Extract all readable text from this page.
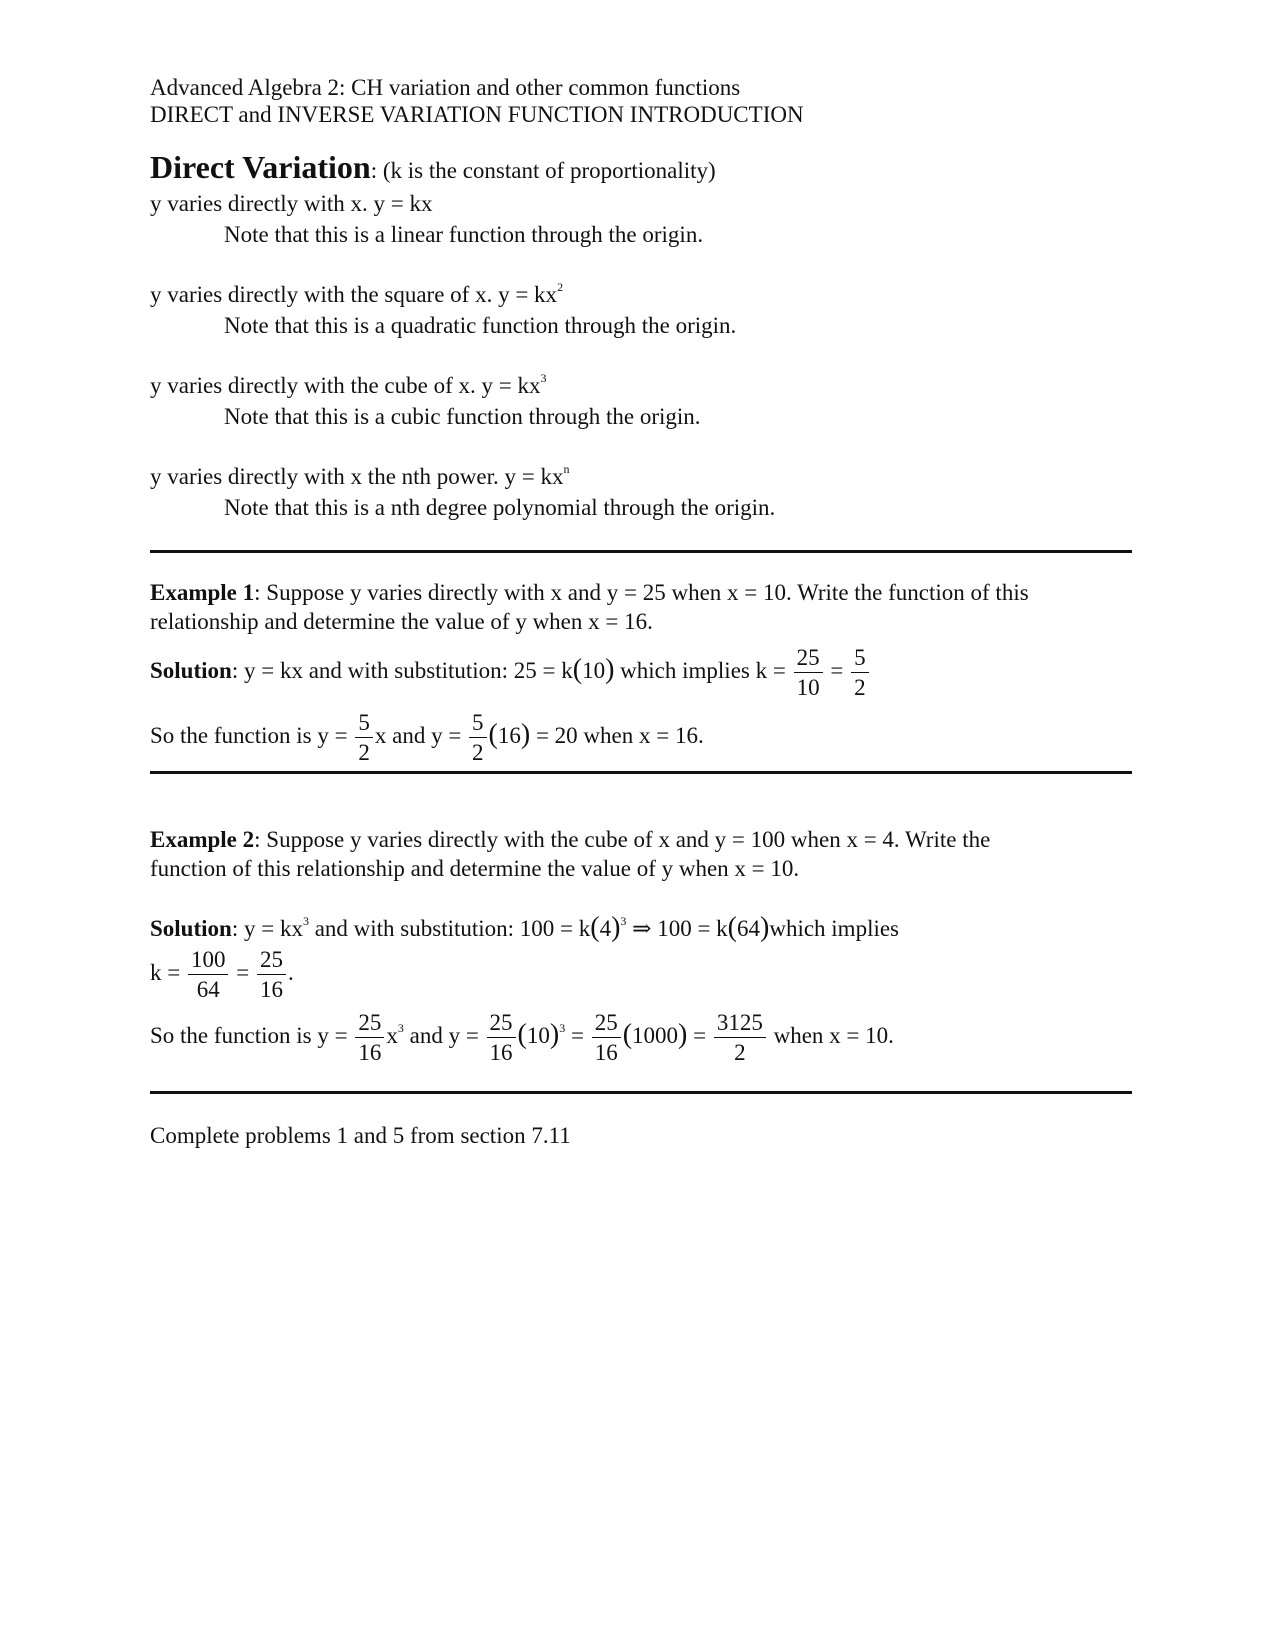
Advanced Algebra 2: CH variation and other common functions
DIRECT and INVERSE VARIATION FUNCTION INTRODUCTION
Direct Variation: (k is the constant of proportionality)
y varies directly with x. y = kx
Note that this is a linear function through the origin.
y varies directly with the square of x. $y = kx^2$
Note that this is a quadratic function through the origin.
y varies directly with the cube of x. $y = kx^3$
Note that this is a cubic function through the origin.
y varies directly with x the nth power. $y = kx^n$
Note that this is a nth degree polynomial through the origin.
Example 1: Suppose y varies directly with x and y = 25 when x = 10. Write the function of this
relationship and determine the value of y when x = 16.
Solution: y = kx and with substitution: 25 = k(10) which implies $k = \frac{25}{10} = \frac{5}{2}$
So the function is $y = \frac{5}{2}$ x and $y = \frac{5}{2} (16) = 20$ when x = 16.
Example 2: Suppose y varies directly with the cube of x and y = 100 when x = 4. Write the
function of this relationship and determine the value of y when x = 10.
Solution: $y = kx^3$ and with substitution: $100 = k(4)^3$ ⇒ 100 = k(64)which implies
$k = \frac{100}{64} = \frac{25}{16}$ .
So the function is $y = \frac{25}{16} x^3$ and $y = \frac{25}{16} (10)^3 = \frac{25}{16} (1000) = \frac{3125}{2}$ when x = 10.
Complete problems 1 and 5 from section 7.11
